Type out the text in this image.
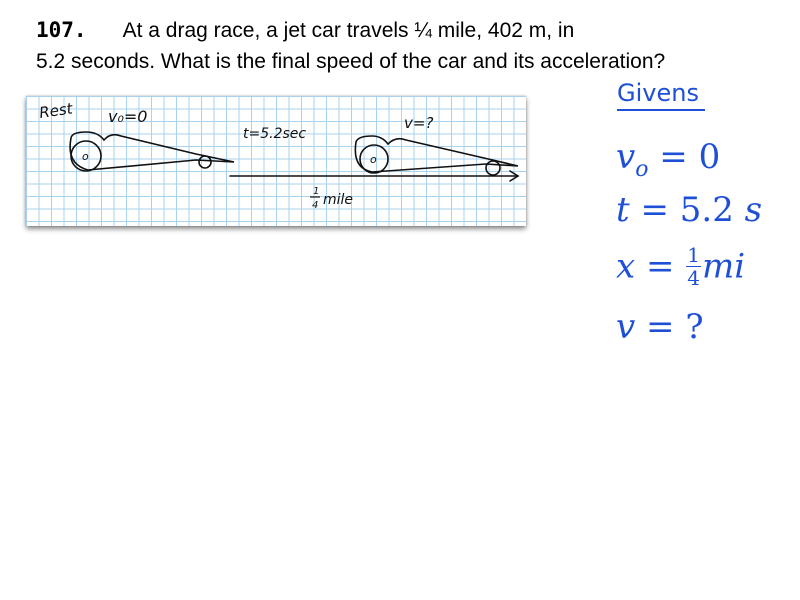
107. At a drag race, a jet car travels ¼ mile, 402 m, in
5.2 seconds. What is the final speed of the car and its acceleration?
o	o
Rest v₀=0
t=5.2sec
v=?
1
4 mile
Givens
$v_o = 0$
t = 5.2 s
$x = \frac{1}{4}$ mi
v = ?
